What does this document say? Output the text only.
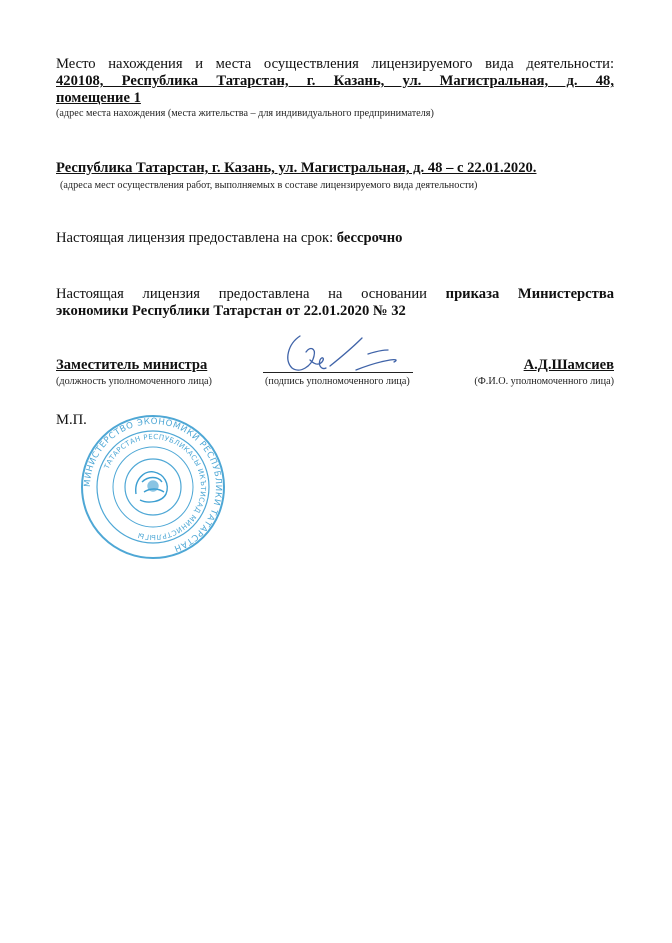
Место нахождения и места осуществления лицензируемого вида деятельности:
420108, Республика Татарстан, г. Казань, ул. Магистральная, д. 48,
помещение 1
(адрес места нахождения (места жительства – для индивидуального предпринимателя)
Республика Татарстан, г. Казань, ул. Магистральная, д. 48 – с 22.01.2020.
(адреса мест осуществления работ, выполняемых в составе лицензируемого вида деятельности)
Настоящая лицензия предоставлена на срок: бессрочно
Настоящая лицензия предоставлена на основании приказа Министерства
экономики Республики Татарстан от 22.01.2020 № 32
Заместитель министра	А.Д.Шамсиев
(должность уполномоченного лица)	(подпись уполномоченного лица)	(Ф.И.О. уполномоченного лица)
М.П.
МИНИСТЕРСТВО ЭКОНОМИКИ РЕСПУБЛИКИ ТАТАРСТАН
ТАТАРСТАН РЕСПУБЛИКАСЫ ИКЪТИСАД МИНИСТРЛЫГЫ
